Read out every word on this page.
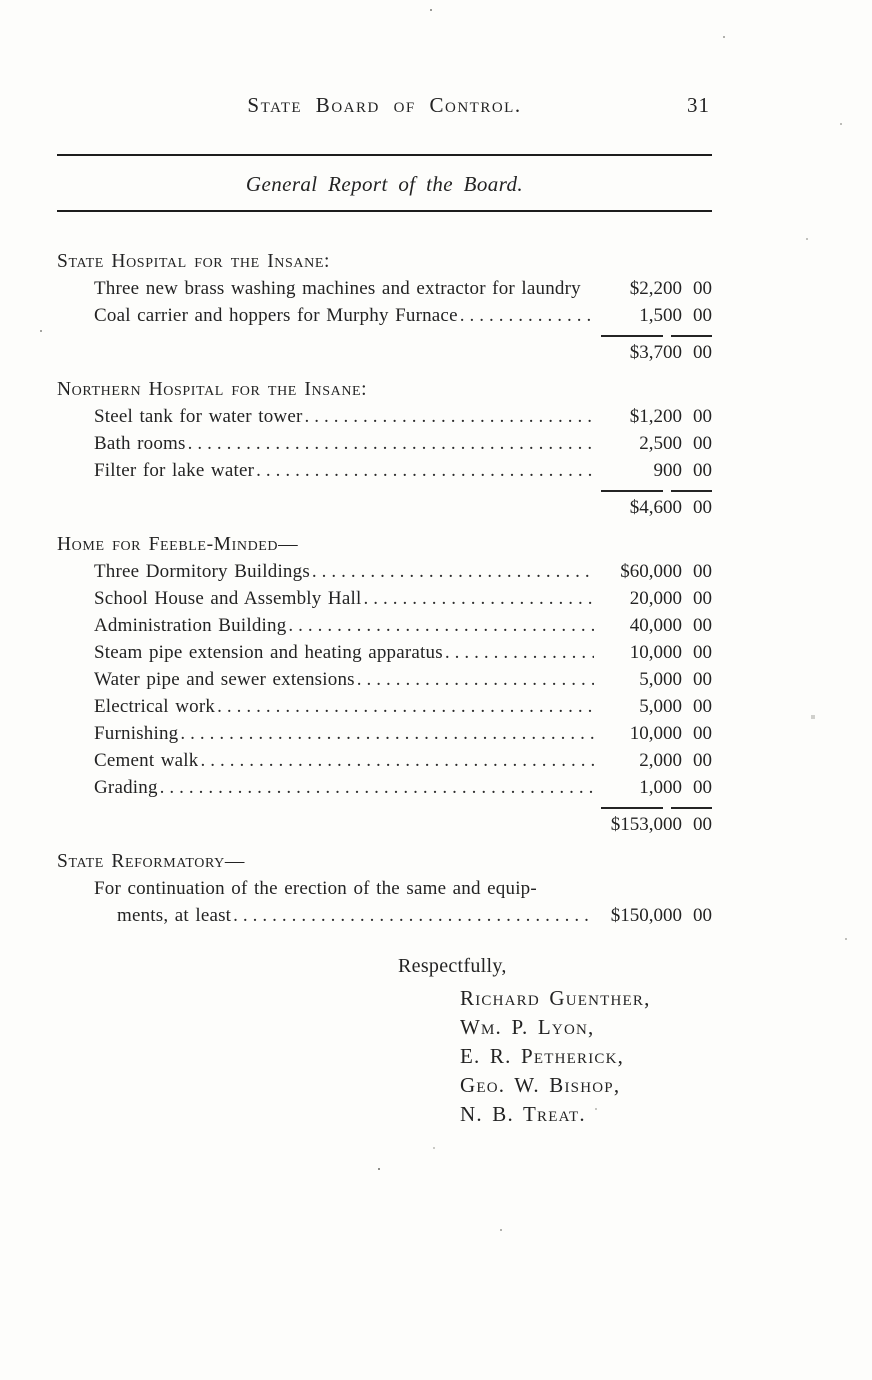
State Board of Control.	31
General Report of the Board.
State Hospital for the Insane:
Three new brass washing machines and extractor for laundry	$2,200 00
Coal carrier and hoppers for Murphy Furnace .....	1,500 00
$3,700 00
Northern Hospital for the Insane:
Steel tank for water tower .....	$1,200 00
Bath rooms .....	2,500 00
Filter for lake water .....	900 00
$4,600 00
Home for Feeble-Minded—
Three Dormitory Buildings .....	$60,000 00
School House and Assembly Hall .....	20,000 00
Administration Building .....	40,000 00
Steam pipe extension and heating apparatus .....	10,000 00
Water pipe and sewer extensions .....	5,000 00
Electrical work .....	5,000 00
Furnishing .....	10,000 00
Cement walk .....	2,000 00
Grading .....	1,000 00
$153,000 00
State Reformatory—
For continuation of the erection of the same and equip-
ments, at least .....	$150,000 00
Respectfully,
Richard Guenther,
Wm. P. Lyon,
E. R. Petherick,
Geo. W. Bishop,
N. B. Treat.
